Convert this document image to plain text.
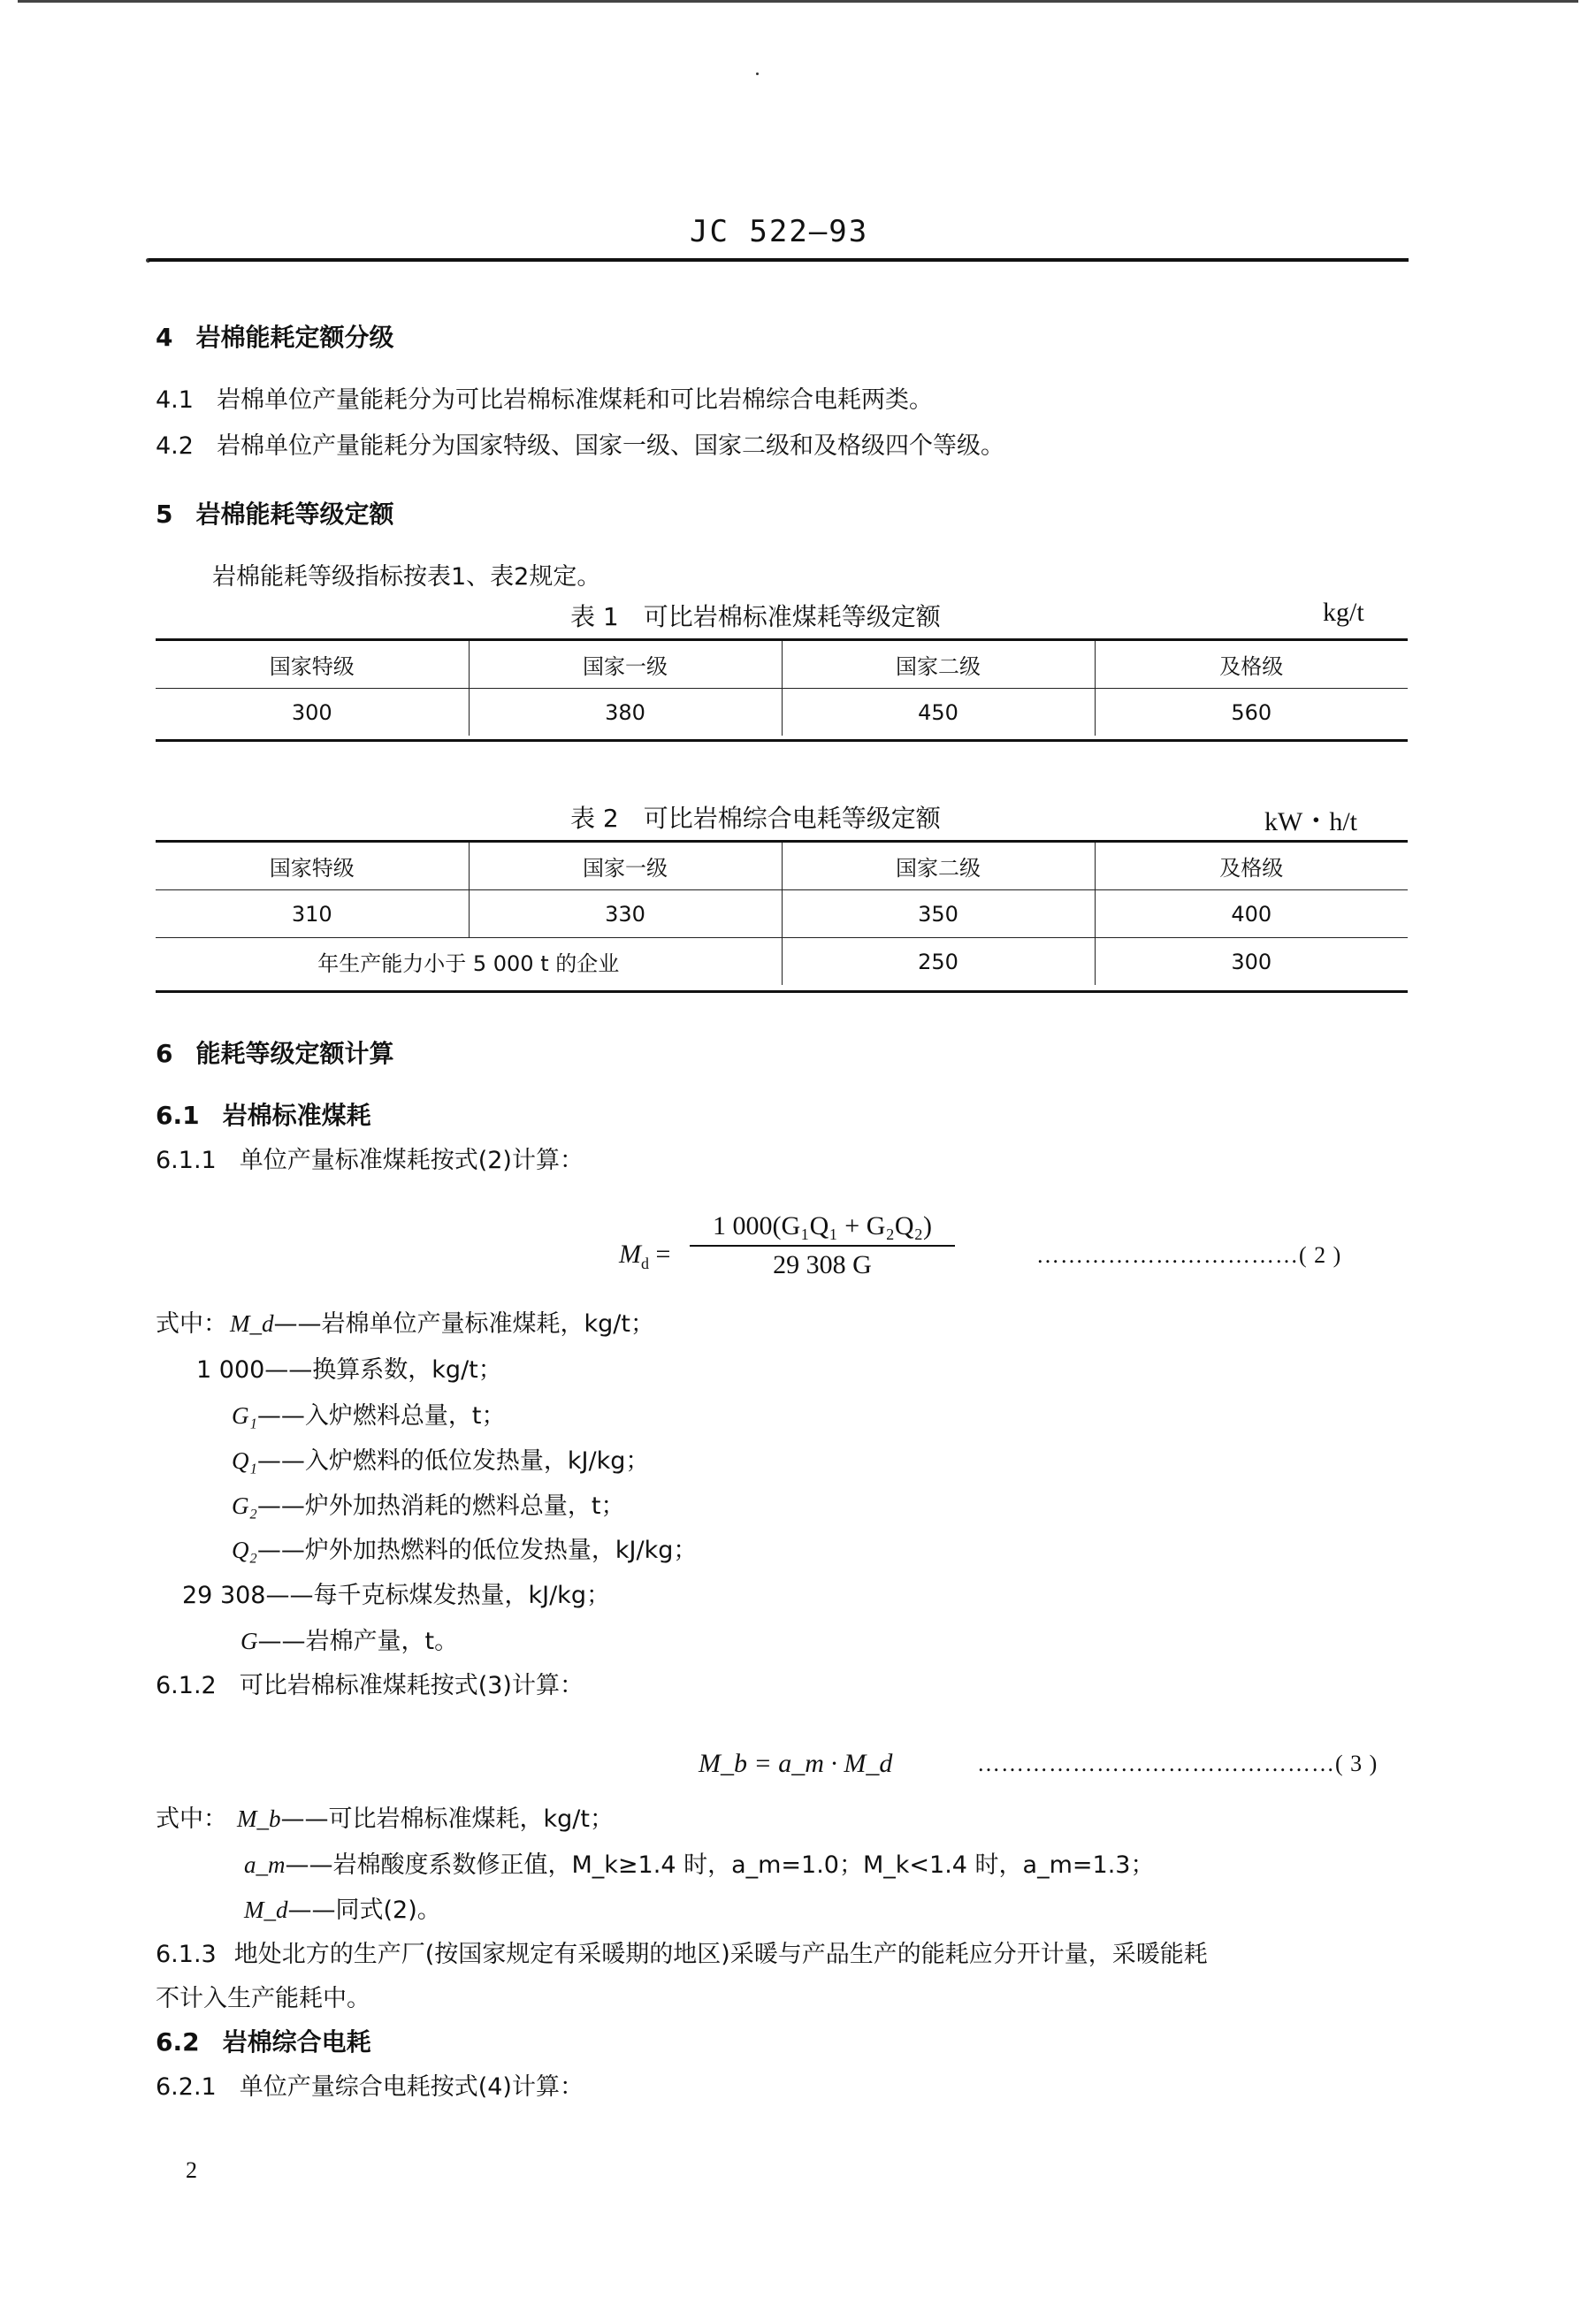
JC 522—93
4 岩棉能耗定额分级
4.1 岩棉单位产量能耗分为可比岩棉标准煤耗和可比岩棉综合电耗两类。
4.2 岩棉单位产量能耗分为国家特级、国家一级、国家二级和及格级四个等级。
5 岩棉能耗等级定额
岩棉能耗等级指标按表1、表2规定。
表 1　可比岩棉标准煤耗等级定额	kg/t
国家特级	国家一级	国家二级	及格级
300	380	450	560
表 2　可比岩棉综合电耗等级定额	kW・h/t
国家特级	国家一级	国家二级	及格级
310	330	350	400
年生产能力小于 5 000 t 的企业		250	300
6 能耗等级定额计算
6.1 岩棉标准煤耗
6.1.1 单位产量标准煤耗按式(2)计算：
$M_d$ =
1 000(G₁Q₁ + G₂Q₂)
29 308 G	……………………………( 2 )
式中： M_d——岩棉单位产量标准煤耗，kg/t；
1 000——换算系数，kg/t；
G₁——入炉燃料总量，t；
Q₁——入炉燃料的低位发热量，kJ/kg；
G₂——炉外加热消耗的燃料总量，t；
Q₂——炉外加热燃料的低位发热量，kJ/kg；
29 308——每千克标煤发热量，kJ/kg；
G——岩棉产量，t。
6.1.2 可比岩棉标准煤耗按式(3)计算：
M_b = a_m · M_d	………………………………………( 3 )
式中： M_b——可比岩棉标准煤耗，kg/t；
a_m——岩棉酸度系数修正值，M_k≥1.4 时，a_m=1.0；M_k<1.4 时，a_m=1.3；
M_d——同式(2)。
6.1.3 地处北方的生产厂(按国家规定有采暖期的地区)采暖与产品生产的能耗应分开计量，采暖能耗
不计入生产能耗中。
6.2 岩棉综合电耗
6.2.1 单位产量综合电耗按式(4)计算：
2
